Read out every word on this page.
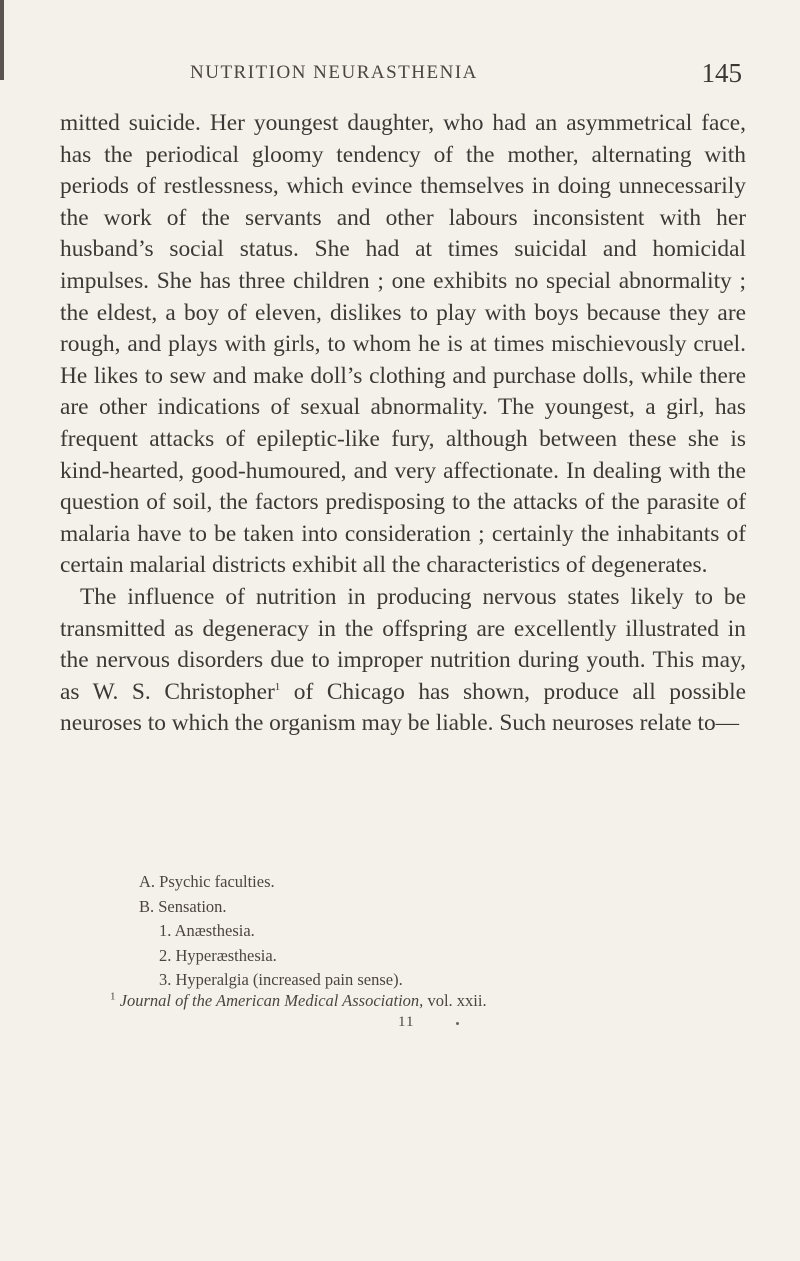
NUTRITION NEURASTHENIA	145

mitted suicide. Her youngest daughter, who had an asymmetrical face, has the periodical gloomy tendency of the mother, alternating with periods of restlessness, which evince themselves in doing unnecessarily the work of the servants and other labours inconsistent with her husband’s social status. She had at times suicidal and homicidal impulses. She has three children ; one exhibits no special abnormality ; the eldest, a boy of eleven, dislikes to play with boys because they are rough, and plays with girls, to whom he is at times mischievously cruel. He likes to sew and make doll’s clothing and purchase dolls, while there are other indications of sexual abnormality. The youngest, a girl, has frequent attacks of epileptic-like fury, although between these she is kind-hearted, good-humoured, and very affectionate. In dealing with the question of soil, the factors predisposing to the attacks of the parasite of malaria have to be taken into consideration ; certainly the inhabitants of certain malarial districts exhibit all the characteristics of degenerates.

The influence of nutrition in producing nervous states likely to be transmitted as degeneracy in the offspring are excellently illustrated in the nervous disorders due to improper nutrition during youth. This may, as W. S. Christopher$^1$ of Chicago has shown, produce all possible neuroses to which the organism may be liable. Such neuroses relate to—

A. Psychic faculties.
B. Sensation.
1. Anæsthesia.
2. Hyperæsthesia.
3. Hyperalgia (increased pain sense).
$^1$ Journal of the American Medical Association, vol. xxii.
11
